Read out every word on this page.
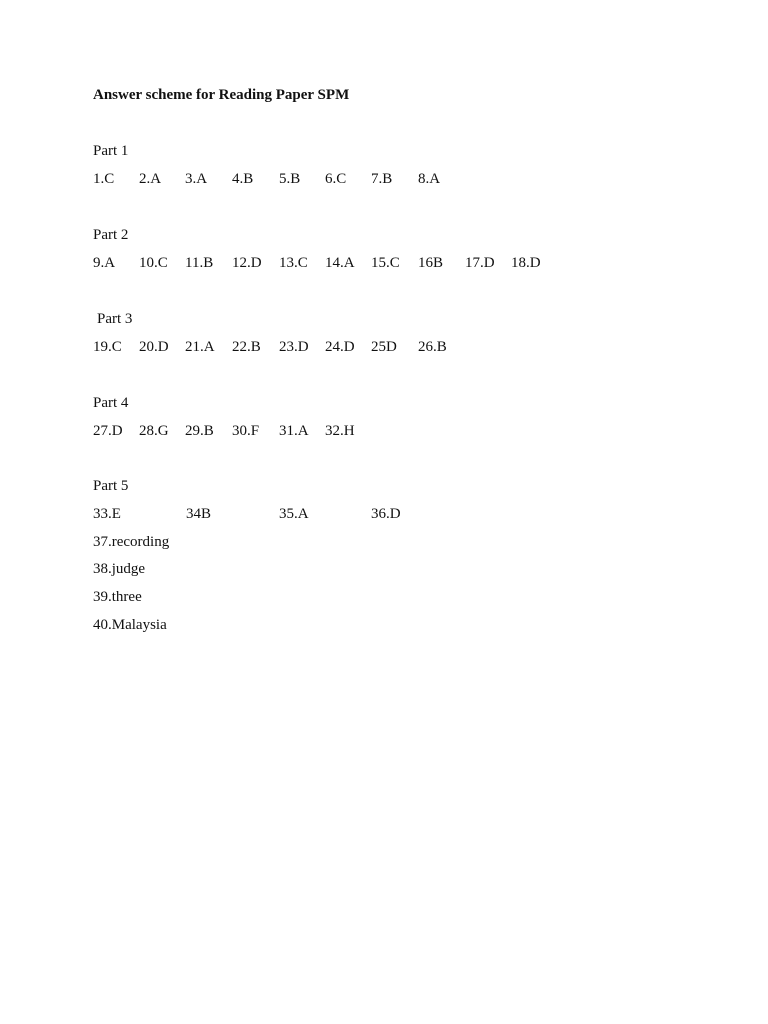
Answer scheme for Reading Paper SPM
Part 1
1.C 2.A 3.A 4.B 5.B 6.C 7.B 8.A
Part 2
9.A 10.C 11.B 12.D 13.C 14.A 15.C 16B 17.D 18.D
Part 3
19.C 20.D 21.A 22.B 23.D 24.D 25D 26.B
Part 4
27.D 28.G 29.B 30.F 31.A 32.H
Part 5
33.E	34B	35.A	36.D
37.recording
38.judge
39.three
40.Malaysia
